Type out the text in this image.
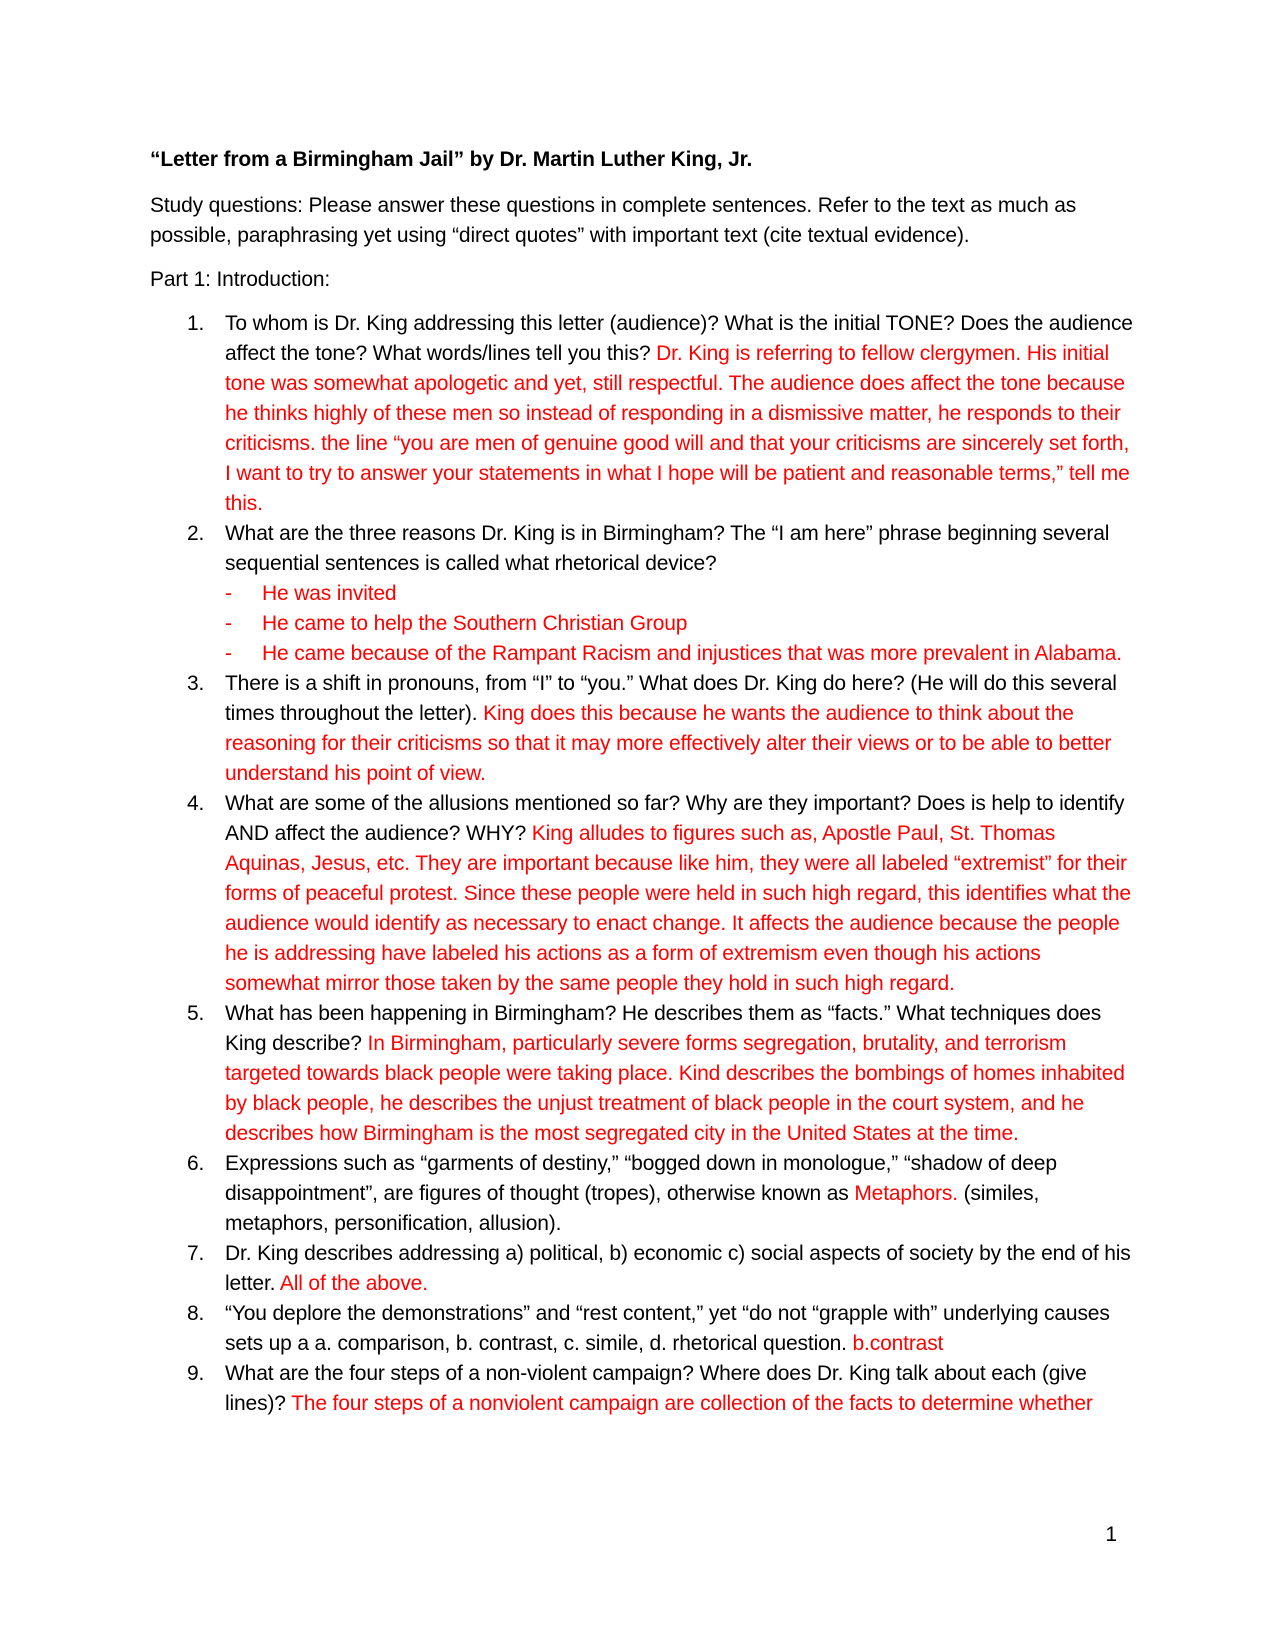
“Letter from a Birmingham Jail” by Dr. Martin Luther King, Jr.
Study questions: Please answer these questions in complete sentences. Refer to the text as much as possible, paraphrasing yet using “direct quotes” with important text (cite textual evidence).
Part 1: Introduction:
1. To whom is Dr. King addressing this letter (audience)? What is the initial TONE? Does the audience affect the tone? What words/lines tell you this? Dr. King is referring to fellow clergymen. His initial tone was somewhat apologetic and yet, still respectful. The audience does affect the tone because he thinks highly of these men so instead of responding in a dismissive matter, he responds to their criticisms. the line “you are men of genuine good will and that your criticisms are sincerely set forth, I want to try to answer your statements in what I hope will be patient and reasonable terms,” tell me this.
2. What are the three reasons Dr. King is in Birmingham? The “I am here” phrase beginning several sequential sentences is called what rhetorical device?
- He was invited
- He came to help the Southern Christian Group
- He came because of the Rampant Racism and injustices that was more prevalent in Alabama.
3. There is a shift in pronouns, from “I” to “you.” What does Dr. King do here? (He will do this several times throughout the letter). King does this because he wants the audience to think about the reasoning for their criticisms so that it may more effectively alter their views or to be able to better understand his point of view.
4. What are some of the allusions mentioned so far? Why are they important? Does is help to identify AND affect the audience? WHY? King alludes to figures such as, Apostle Paul, St. Thomas Aquinas, Jesus, etc. They are important because like him, they were all labeled “extremist” for their forms of peaceful protest. Since these people were held in such high regard, this identifies what the audience would identify as necessary to enact change. It affects the audience because the people he is addressing have labeled his actions as a form of extremism even though his actions somewhat mirror those taken by the same people they hold in such high regard.
5. What has been happening in Birmingham? He describes them as “facts.” What techniques does King describe? In Birmingham, particularly severe forms segregation, brutality, and terrorism targeted towards black people were taking place. Kind describes the bombings of homes inhabited by black people, he describes the unjust treatment of black people in the court system, and he describes how Birmingham is the most segregated city in the United States at the time.
6. Expressions such as “garments of destiny,” “bogged down in monologue,” “shadow of deep disappointment”, are figures of thought (tropes), otherwise known as Metaphors. (similes, metaphors, personification, allusion).
7. Dr. King describes addressing a) political, b) economic c) social aspects of society by the end of his letter. All of the above.
8. “You deplore the demonstrations” and “rest content,” yet “do not “grapple with” underlying causes sets up a a. comparison, b. contrast, c. simile, d. rhetorical question. b.contrast
9. What are the four steps of a non-violent campaign? Where does Dr. King talk about each (give lines)? The four steps of a nonviolent campaign are collection of the facts to determine whether
1
